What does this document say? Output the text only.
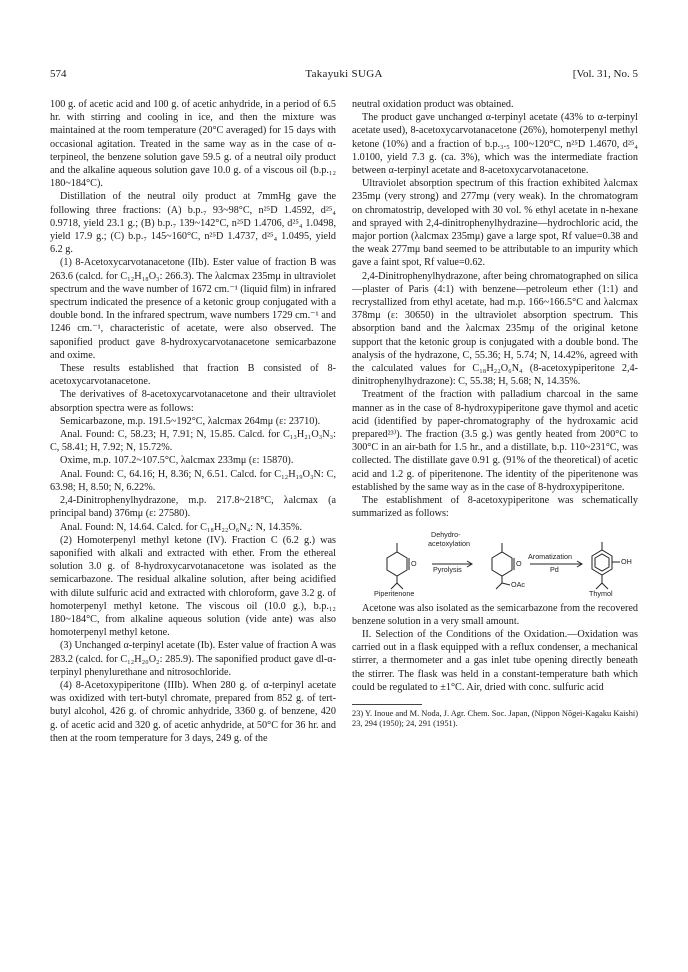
574	Takayuki SUGA	[Vol. 31, No. 5

100 g. of acetic acid and 100 g. of acetic anhydride, in a period of 6.5 hr. with stirring and cooling in ice, and then the mixture was maintained at the room temperature (20°C averaged) for 15 days with occasional agitation. Treated in the same way as in the case of α-terpineol, the benzene solution gave 59.5 g. of a neutral oily product and the alkaline aqueous solution gave 10.0 g. of a viscous oil (b.p.₁₂ 180~184°C).

Distillation of the neutral oily product at 7mmHg gave the following three fractions: (A) b.p.₇ 93~98°C, n²⁵D 1.4592, d²⁵₄ 0.9718, yield 23.1 g.; (B) b.p.₇ 139~142°C, n²⁵D 1.4706, d²⁵₄ 1.0498, yield 17.9 g.; (C) b.p.₇ 145~160°C, n²⁵D 1.4737, d²⁵₄ 1.0495, yield 6.2 g.

(1) 8-Acetoxycarvotanacetone (IIb). Ester value of fraction B was 263.6 (calcd. for C₁₂H₁₈O₃: 266.3). The λalcmax 235mμ in ultraviolet spectrum and the wave number of 1672 cm.⁻¹ (liquid film) in infrared spectrum indicated the presence of a ketonic group conjugated with a double bond. In the infrared spectrum, wave numbers 1729 cm.⁻¹ and 1246 cm.⁻¹, characteristic of acetate, were also observed. The saponified product gave 8-hydroxycarvotanacetone semicarbazone and oxime.

These results established that fraction B consisted of 8-acetoxycarvotanacetone.

The derivatives of 8-acetoxycarvotanacetone and their ultraviolet absorption spectra were as follows:

Semicarbazone, m.p. 191.5~192°C, λalcmax 264mμ (ε: 23710).

Anal. Found: C, 58.23; H, 7.91; N, 15.85. Calcd. for C₁₃H₂₁O₃N₃: C, 58.41; H, 7.92; N, 15.72%.

Oxime, m.p. 107.2~107.5°C, λalcmax 233mμ (ε: 15870).

Anal. Found: C, 64.16; H, 8.36; N, 6.51. Calcd. for C₁₂H₁₉O₃N: C, 63.98; H, 8.50; N, 6.22%.

2,4-Dinitrophenylhydrazone, m.p. 217.8~218°C, λalcmax (a principal band) 376mμ (ε: 27580).

Anal. Found: N, 14.64. Calcd. for C₁₈H₂₂O₆N₄: N, 14.35%.

(2) Homoterpenyl methyl ketone (IV). Fraction C (6.2 g.) was saponified with alkali and extracted with ether. From the ethereal solution 3.0 g. of 8-hydroxycarvotanacetone was isolated as the semicarbazone. The residual alkaline solution, after being acidified with dilute sulfuric acid and extracted with chloroform, gave 3.2 g. of homoterpenyl methyl ketone. The viscous oil (10.0 g.), b.p.₁₂ 180~184°C, from alkaline aqueous solution (vide ante) was also homoterpenyl methyl ketone.

(3) Unchanged α-terpinyl acetate (Ib). Ester value of fraction A was 283.2 (calcd. for C₁₂H₂₀O₂: 285.9). The saponified product gave dl-α-terpinyl phenylurethane and nitrosochloride.

(4) 8-Acetoxypiperitone (IIIb). When 280 g. of α-terpinyl acetate was oxidized with tert-butyl chromate, prepared from 852 g. of tert-butyl alcohol, 426 g. of chromic anhydride, 3360 g. of benzene, 420 g. of acetic acid and 320 g. of acetic anhydride, at 50°C for 36 hr. and then at the room temperature for 3 days, 249 g. of the

neutral oxidation product was obtained.

The product gave unchanged α-terpinyl acetate (43% to α-terpinyl acetate used), 8-acetoxycarvotanacetone (26%), homoterpenyl methyl ketone (10%) and a fraction of b.p.₃.₅ 100~120°C, n²⁵D 1.4670, d²⁵₄ 1.0100, yield 7.3 g. (ca. 3%), which was the intermediate fraction between α-terpinyl acetate and 8-acetoxycarvotanacetone.

Ultraviolet absorption spectrum of this fraction exhibited λalcmax 235mμ (very strong) and 277mμ (very weak). In the chromatogram on chromatostrip, developed with 30 vol. % ethyl acetate in n-hexane and sprayed with 2,4-dinitrophenylhydrazine—hydrochloric acid, the major portion (λalcmax 235mμ) gave a large spot, Rf value=0.38 and the weak 277mμ band seemed to be attributable to an impurity which gave a faint spot, Rf value=0.62.

2,4-Dinitrophenylhydrazone, after being chromatographed on silica—plaster of Paris (4:1) with benzene—petroleum ether (1:1) and recrystallized from ethyl acetate, had m.p. 166~166.5°C and λalcmax 378mμ (ε: 30650) in the ultraviolet absorption spectrum. This absorption band and the λalcmax 235mμ of the original ketone support that the ketonic group is conjugated with a double bond. The analysis of the hydrazone, C, 55.36; H, 5.74; N, 14.42%, agreed with the calculated values for C₁₈H₂₂O₆N₄ (8-acetoxypiperitone 2,4-dinitrophenylhydrazone): C, 55.38; H, 5.68; N, 14.35%.

Treatment of the fraction with palladium charcoal in the same manner as in the case of 8-hydroxypiperitone gave thymol and acetic acid (identified by paper-chromatography of the hydroxamic acid prepared²³⁾). The fraction (3.5 g.) was gently heated from 200°C to 300°C in an air-bath for 1.5 hr., and a distillate, b.p. 110~231°C, was collected. The distillate gave 0.91 g. (91% of the theoretical) of acetic acid and 1.2 g. of piperitenone. The identity of the piperitenone was established by the same way as in the case of 8-hydroxypiperitone.

The establishment of 8-acetoxypiperitone was schematically summarized as follows:

Dehydro-
acetoxylation
Pyrolysis
Aromatization
Pd
O	O
OAc
OH
Piperitenone	Thymol

Acetone was also isolated as the semicarbazone from the recovered benzene solution in a very small amount.

II. Selection of the Conditions of the Oxidation.—Oxidation was carried out in a flask equipped with a reflux condenser, a mechanical stirrer, a thermometer and a gas inlet tube opening directly beneath the stirrer. The flask was held in a constant-temperature bath which could be regulated to ±1°C. Air, dried with conc. sulfuric acid

23) Y. Inoue and M. Noda, J. Agr. Chem. Soc. Japan, (Nippon Nōgei-Kagaku Kaishi) 23, 294 (1950); 24, 291 (1951).
